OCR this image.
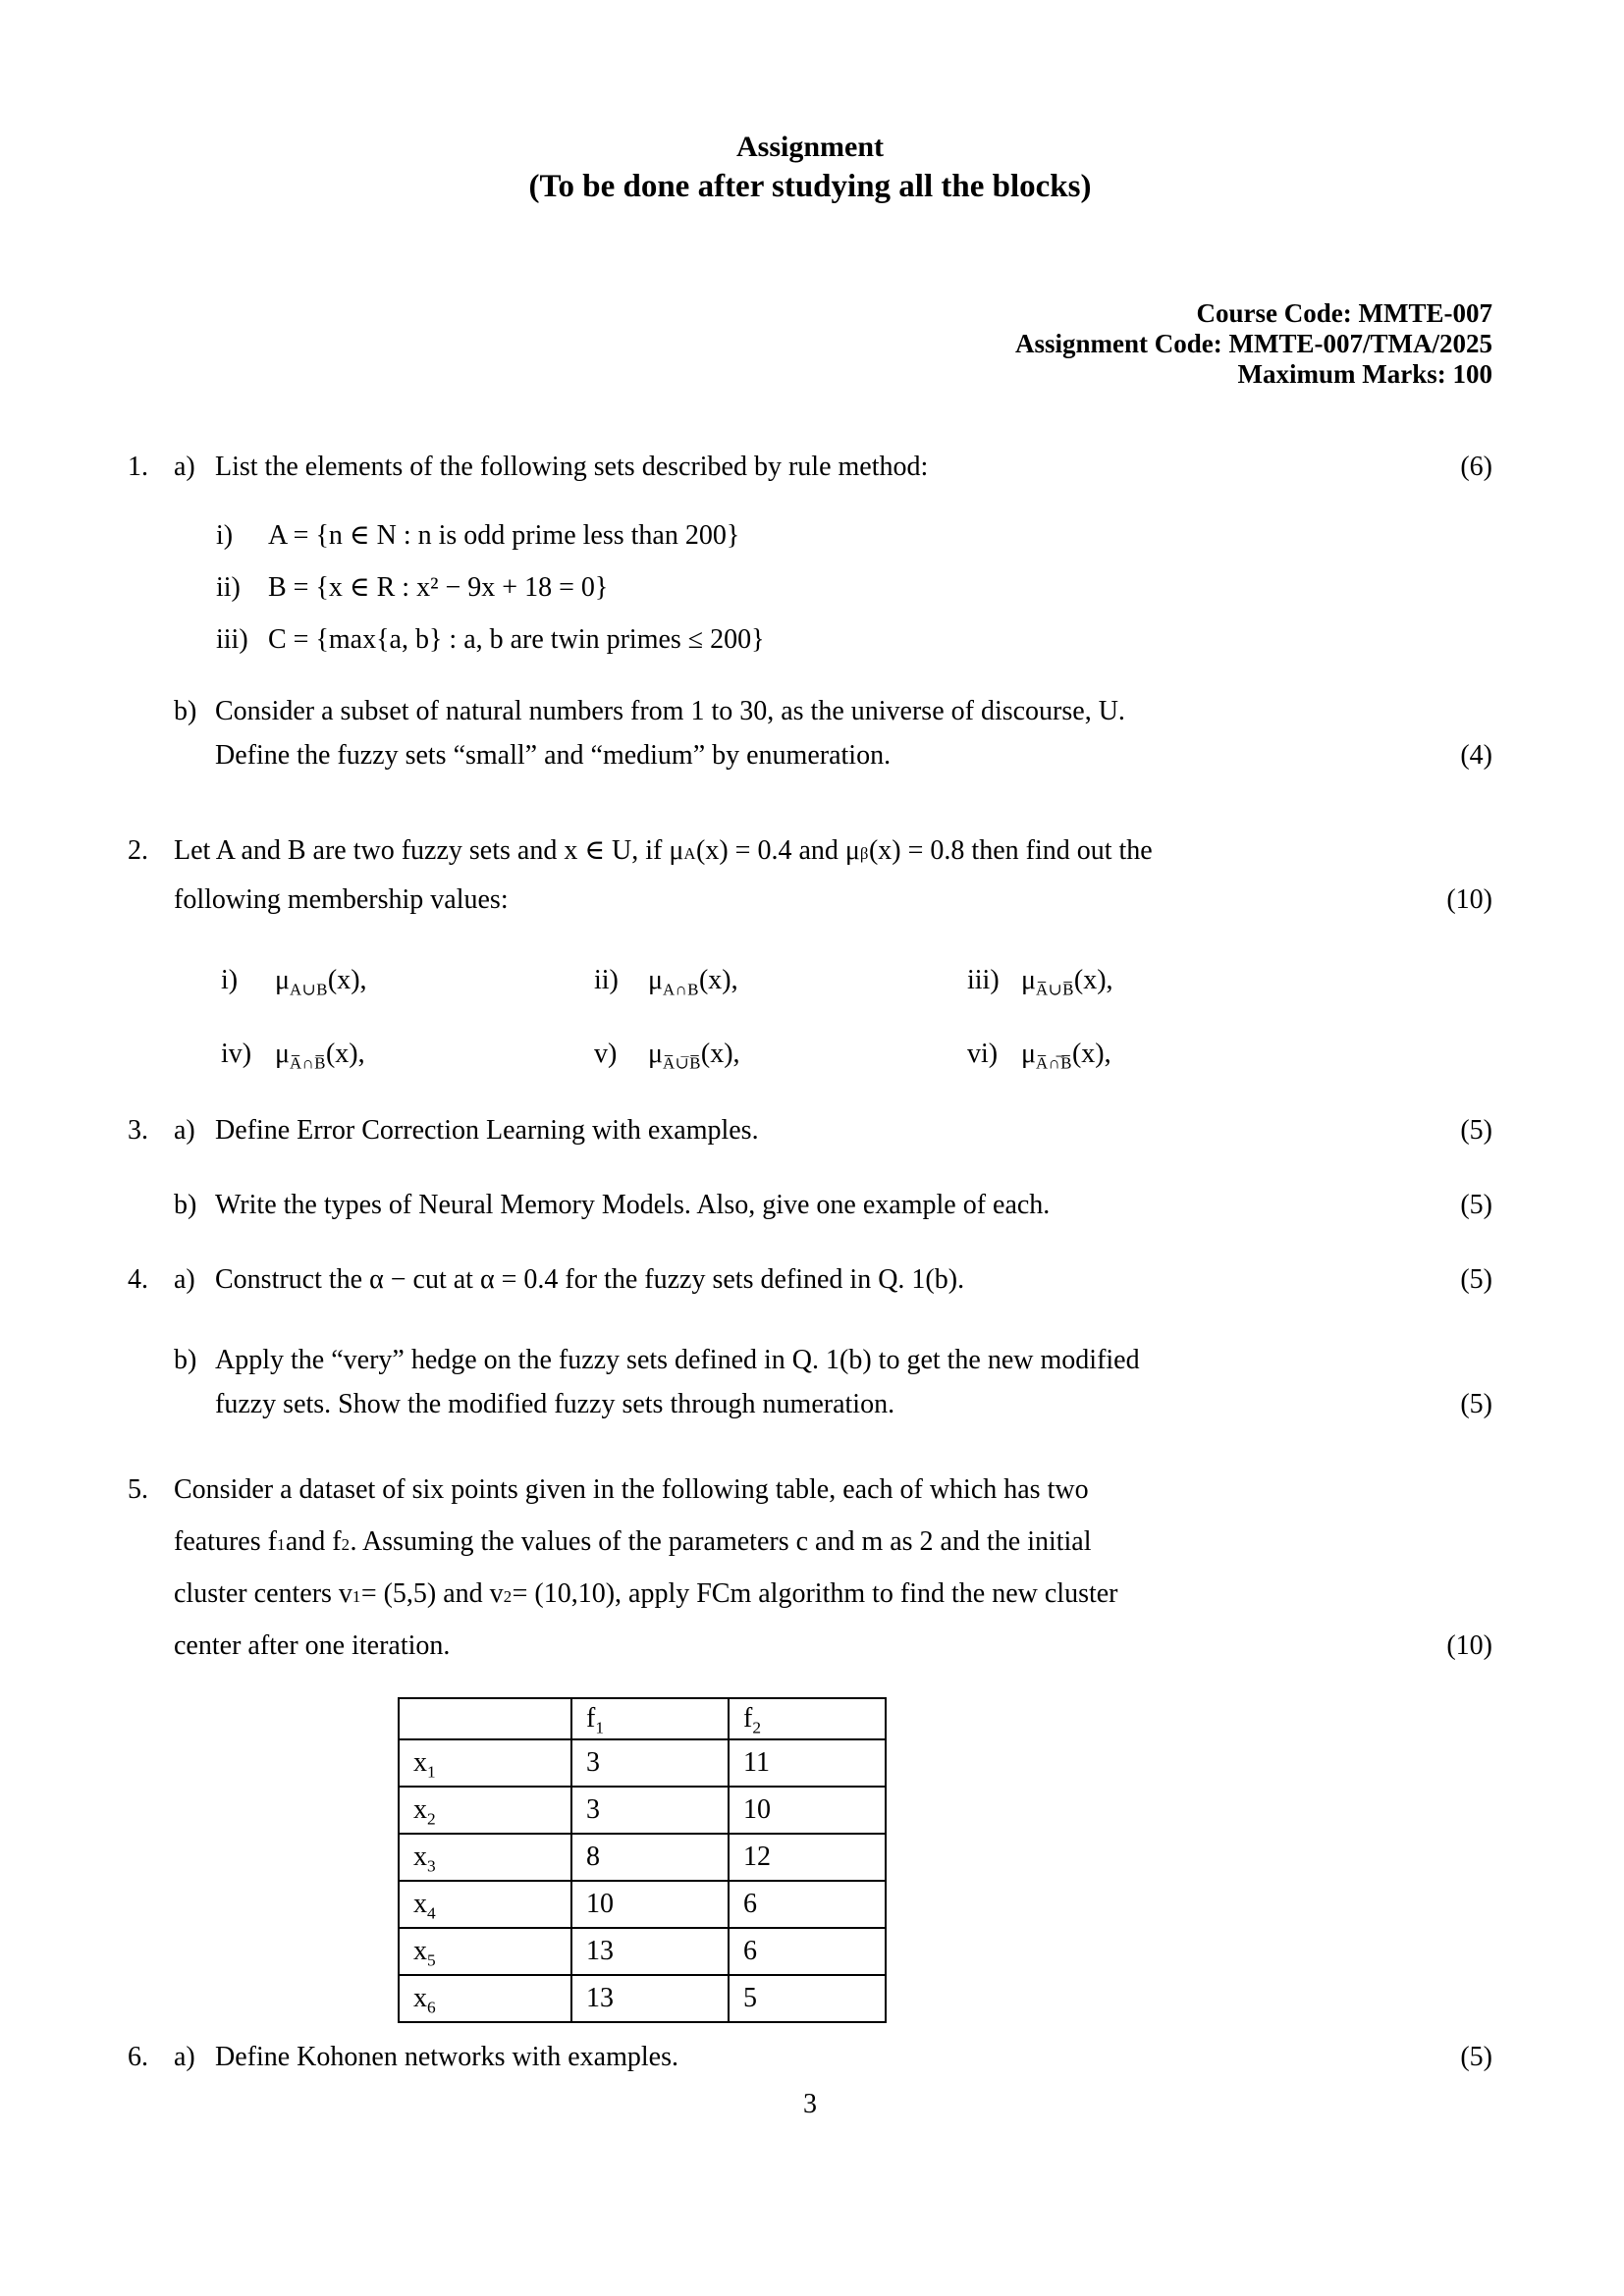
Assignment
(To be done after studying all the blocks)
Course Code: MMTE-007
Assignment Code: MMTE-007/TMA/2025
Maximum Marks: 100
1. a) List the elements of the following sets described by rule method:	(6)
i)	A = {n ∈ N : n is odd prime less than 200}
ii)	B = {x ∈ R : x² − 9x + 18 = 0}
iii) C = {max{a, b} : a, b are twin primes ≤ 200}
b) Consider a subset of natural numbers from 1 to 30, as the universe of discourse, U.
Define the fuzzy sets “small” and “medium” by enumeration.	(4)
2. Let A and B are two fuzzy sets and x ∈ U, if μ A (x) = 0.4 and μ β (x) = 0.8 then find out the
following membership values:	(10)
i)	$\mu_{A\cup B}(x)$,	ii)	$\mu_{A\cap B}(x)$,	iii) $\mu_{A̅\cup B̅}(x)$,
iv) $\mu_{A̅\cap B̅}(x)$,	v)	$\mu_{A̅\cup̅B̅}(x)$,	vi) $\mu_{A̅\cap̅B̅}(x)$,
3. a) Define Error Correction Learning with examples.	(5)
b) Write the types of Neural Memory Models. Also, give one example of each.	(5)
4. a) Construct the α − cut at α = 0.4 for the fuzzy sets defined in Q. 1(b).	(5)
b) Apply the “very” hedge on the fuzzy sets defined in Q. 1(b) to get the new modified
fuzzy sets. Show the modified fuzzy sets through numeration.	(5)
5. Consider a dataset of six points given in the following table, each of which has two
features f 1 and f 2 . Assuming the values of the parameters c and m as 2 and the initial
cluster centers v 1 = (5,5) and v 2 = (10,10), apply FCm algorithm to find the new cluster
center after one iteration.	(10)
	$f_1$	$f_2$
$x_1$	3	11
$x_2$	3	10
$x_3$	8	12
$x_4$	10	6
$x_5$	13	6
$x_6$	13	5
6. a) Define Kohonen networks with examples.	(5)
3
